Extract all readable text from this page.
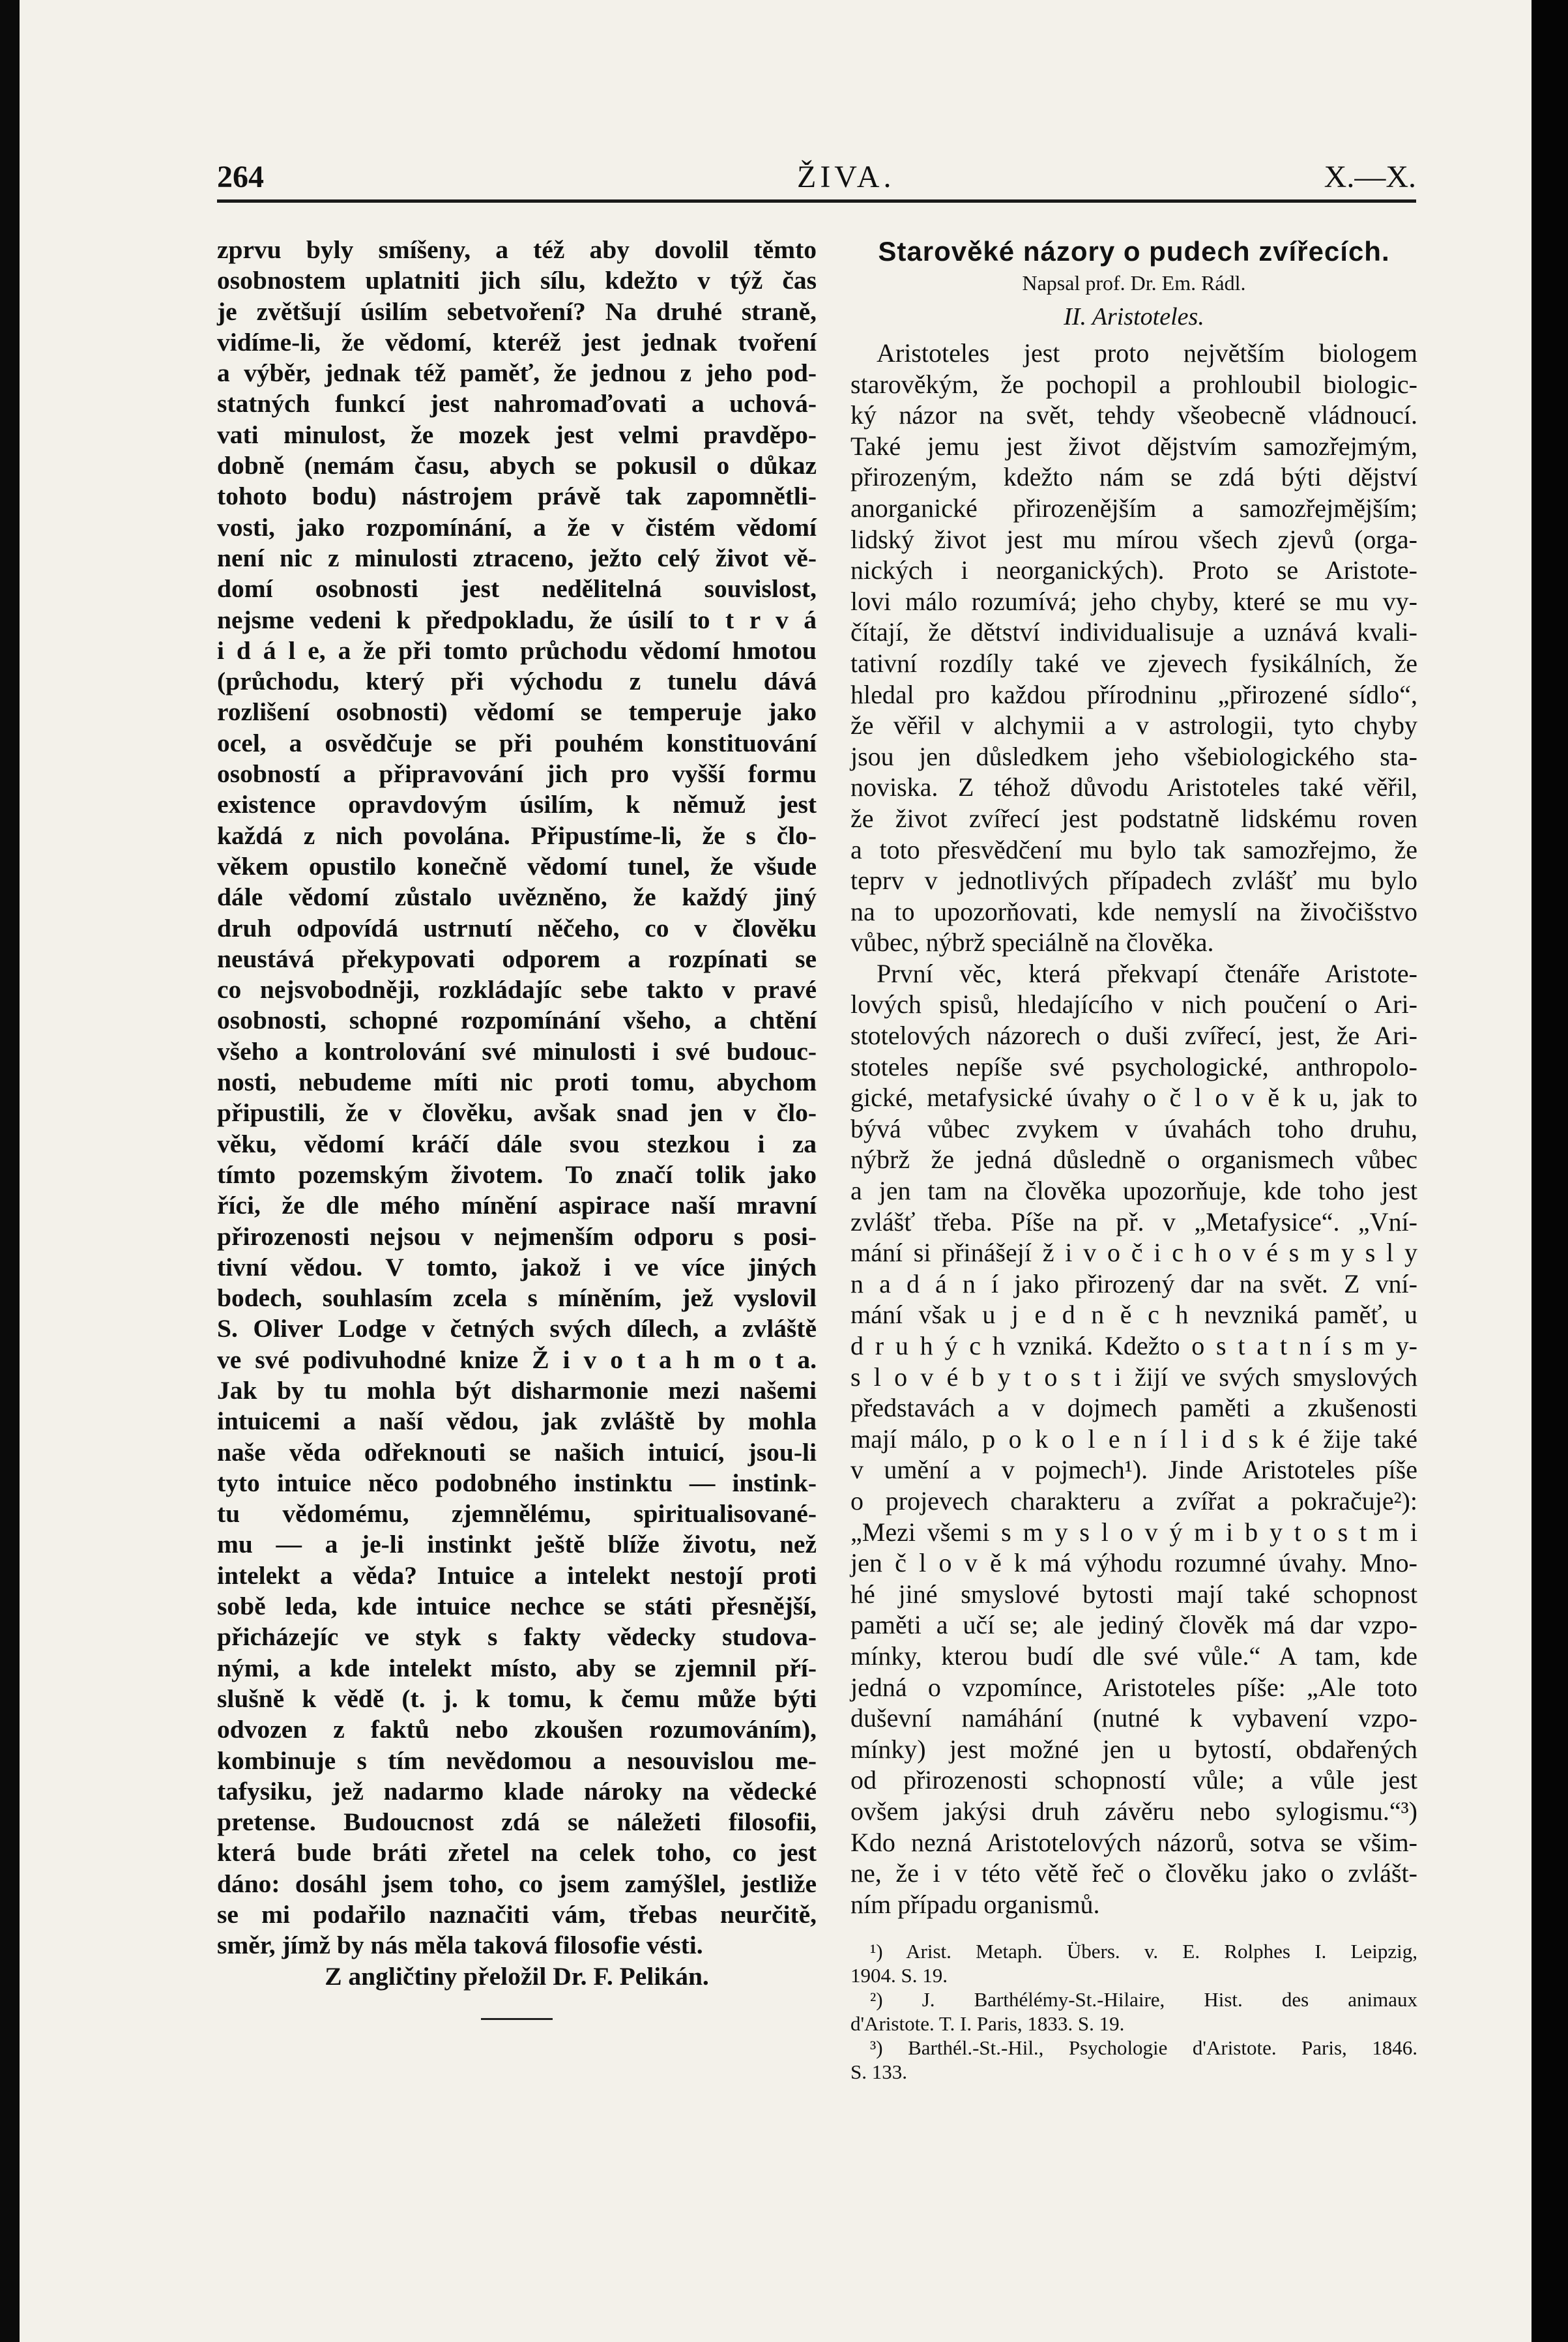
264	ŽIVA.	X.—X.
zprvu byly smíšeny, a též aby dovolil těmto
osobnostem uplatniti jich sílu, kdežto v týž čas
je zvětšují úsilím sebetvoření? Na druhé straně,
vidíme-li, že vědomí, kteréž jest jednak tvoření
a výběr, jednak též paměť, že jednou z jeho pod-
statných funkcí jest nahromaďovati a uchová-
vati minulost, že mozek jest velmi pravděpo-
dobně (nemám času, abych se pokusil o důkaz
tohoto bodu) nástrojem právě tak zapomnětli-
vosti, jako rozpomínání, a že v čistém vědomí
není nic z minulosti ztraceno, ježto celý život vě-
domí osobnosti jest nedělitelná souvislost,
nejsme vedeni k předpokladu, že úsilí to t r v á
i d á l e, a že při tomto průchodu vědomí hmotou
(průchodu, který při východu z tunelu dává
rozlišení osobnosti) vědomí se temperuje jako
ocel, a osvědčuje se při pouhém konstituování
osobností a připravování jich pro vyšší formu
existence opravdovým úsilím, k němuž jest
každá z nich povolána. Připustíme-li, že s člo-
věkem opustilo konečně vědomí tunel, že všude
dále vědomí zůstalo uvězněno, že každý jiný
druh odpovídá ustrnutí něčeho, co v člověku
neustává překypovati odporem a rozpínati se
co nejsvobodněji, rozkládajíc sebe takto v pravé
osobnosti, schopné rozpomínání všeho, a chtění
všeho a kontrolování své minulosti i své budouc-
nosti, nebudeme míti nic proti tomu, abychom
připustili, že v člověku, avšak snad jen v člo-
věku, vědomí kráčí dále svou stezkou i za
tímto pozemským životem. To značí tolik jako
říci, že dle mého mínění aspirace naší mravní
přirozenosti nejsou v nejmenším odporu s posi-
tivní vědou. V tomto, jakož i ve více jiných
bodech, souhlasím zcela s míněním, jež vyslovil
S. Oliver Lodge v četných svých dílech, a zvláště
ve své podivuhodné knize Ž i v o t a h m o t a.
Jak by tu mohla být disharmonie mezi našemi
intuicemi a naší vědou, jak zvláště by mohla
naše věda odřeknouti se našich intuicí, jsou-li
tyto intuice něco podobného instinktu — instink-
tu vědomému, zjemnělému, spiritualisované-
mu — a je-li instinkt ještě blíže životu, než
intelekt a věda? Intuice a intelekt nestojí proti
sobě leda, kde intuice nechce se státi přesnější,
přicházejíc ve styk s fakty vědecky studova-
nými, a kde intelekt místo, aby se zjemnil pří-
slušně k vědě (t. j. k tomu, k čemu může býti
odvozen z faktů nebo zkoušen rozumováním),
kombinuje s tím nevědomou a nesouvislou me-
tafysiku, jež nadarmo klade nároky na vědecké
pretense. Budoucnost zdá se náležeti filosofii,
která bude bráti zřetel na celek toho, co jest
dáno: dosáhl jsem toho, co jsem zamýšlel, jestliže
se mi podařilo naznačiti vám, třebas neurčitě,
směr, jímž by nás měla taková filosofie vésti.

Z angličtiny přeložil Dr. F. Pelikán.

Starověké názory o pudech zvířecích.
Napsal prof. Dr. Em. Rádl.
II. Aristoteles.
Aristoteles jest proto největším biologem
starověkým, že pochopil a prohloubil biologic-
ký názor na svět, tehdy všeobecně vládnoucí.
Také jemu jest život dějstvím samozřejmým,
přirozeným, kdežto nám se zdá býti dějství
anorganické přirozenějším a samozřejmějším;
lidský život jest mu mírou všech zjevů (orga-
nických i neorganických). Proto se Aristote-
lovi málo rozumívá; jeho chyby, které se mu vy-
čítají, že dětství individualisuje a uznává kvali-
tativní rozdíly také ve zjevech fysikálních, že
hledal pro každou přírodninu „přirozené sídlo“,
že věřil v alchymii a v astrologii, tyto chyby
jsou jen důsledkem jeho všebiologického sta-
noviska. Z téhož důvodu Aristoteles také věřil,
že život zvířecí jest podstatně lidskému roven
a toto přesvědčení mu bylo tak samozřejmo, že
teprv v jednotlivých případech zvlášť mu bylo
na to upozorňovati, kde nemyslí na živočišstvo
vůbec, nýbrž speciálně na člověka.
První věc, která překvapí čtenáře Aristote-
lových spisů, hledajícího v nich poučení o Ari-
stotelových názorech o duši zvířecí, jest, že Ari-
stoteles nepíše své psychologické, anthropolo-
gické, metafysické úvahy o č l o v ě k u, jak to
bývá vůbec zvykem v úvahách toho druhu,
nýbrž že jedná důsledně o organismech vůbec
a jen tam na člověka upozorňuje, kde toho jest
zvlášť třeba. Píše na př. v „Metafysice“. „Vní-
mání si přinášejí ž i v o č i c h o v é s m y s l y
n a d á n í jako přirozený dar na svět. Z vní-
mání však u j e d n ě c h nevzniká paměť, u
d r u h ý c h vzniká. Kdežto o s t a t n í s m y-
s l o v é b y t o s t i žijí ve svých smyslových
představách a v dojmech paměti a zkušenosti
mají málo, p o k o l e n í l i d s k é žije také
v umění a v pojmech¹). Jinde Aristoteles píše
o projevech charakteru a zvířat a pokračuje²):
„Mezi všemi s m y s l o v ý m i b y t o s t m i
jen č l o v ě k má výhodu rozumné úvahy. Mno-
hé jiné smyslové bytosti mají také schopnost
paměti a učí se; ale jediný člověk má dar vzpo-
mínky, kterou budí dle své vůle.“ A tam, kde
jedná o vzpomínce, Aristoteles píše: „Ale toto
duševní namáhání (nutné k vybavení vzpo-
mínky) jest možné jen u bytostí, obdařených
od přirozenosti schopností vůle; a vůle jest
ovšem jakýsi druh závěru nebo sylogismu.“³)
Kdo nezná Aristotelových názorů, sotva se všim-
ne, že i v této větě řeč o člověku jako o zvlášt-
ním případu organismů.
¹) Arist. Metaph. Übers. v. E. Rolphes I. Leipzig,
1904. S. 19.
²) J. Barthélémy-St.-Hilaire, Hist. des animaux
d'Aristote. T. I. Paris, 1833. S. 19.
³) Barthél.-St.-Hil., Psychologie d'Aristote. Paris, 1846.
S. 133.
